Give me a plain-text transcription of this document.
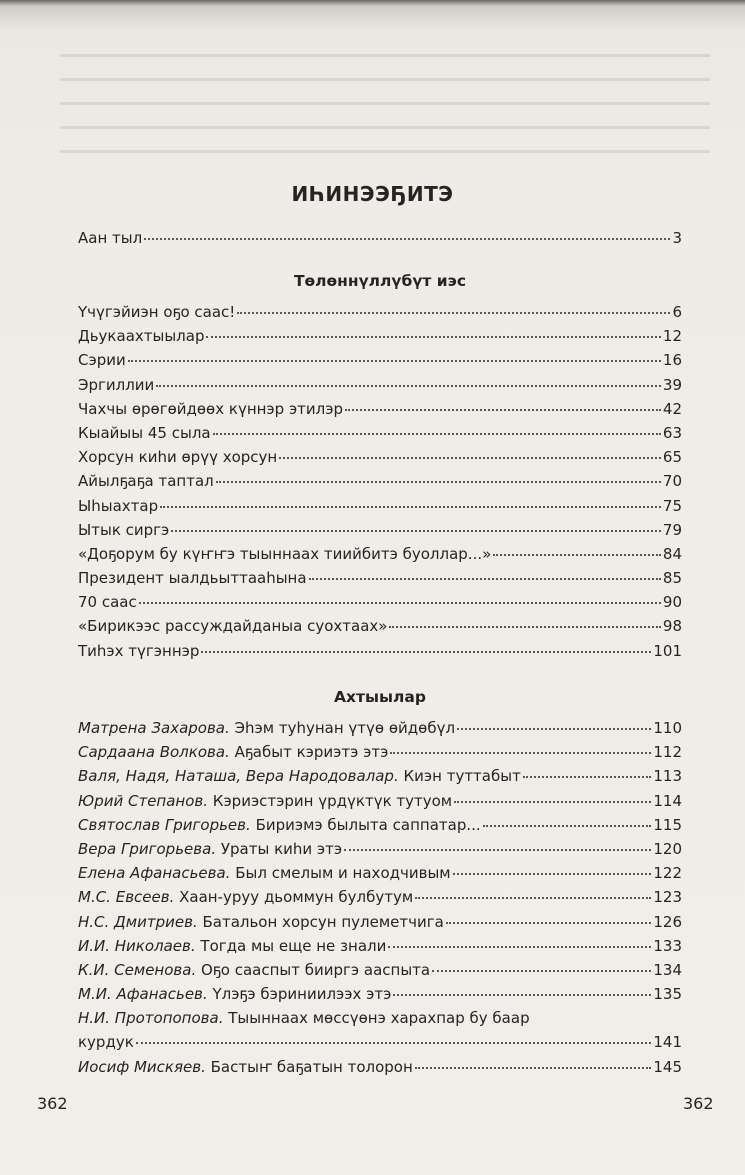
ИҺИНЭЭҔИТЭ
Аан тыл	3
Төлөннүллүбүт иэс
Үчүгэйиэн оҕо саас!	6
Дьукаахтыылар	12
Сэрии	16
Эргиллии	39
Чахчы өрөгөйдөөх күннэр этилэр	42
Кыайыы 45 сыла	63
Хорсун киһи өрүү хорсун	65
Айылҕаҕа таптал	70
Ыһыахтар	75
Ытык сиргэ	79
«Доҕорум бу күҥҥэ тыыннаах тиийбитэ буоллар...»	84
Президент ыалдьыттааһына	85
70 саас	90
«Бирикээс рассуждайданыа суохтаах»	98
Тиһэх түгэннэр	101
Ахтыылар
Матрена Захарова. Эһэм туһунан үтүө өйдөбүл	110
Сардаана Волкова. Аҕабыт кэриэтэ этэ	112
Валя, Надя, Наташа, Вера Народовалар. Киэн туттабыт	113
Юрий Степанов. Кэриэстэрин үрдүктүк тутуом	114
Святослав Григорьев. Бириэмэ былыта саппатар...	115
Вера Григорьева. Ураты киһи этэ	120
Елена Афанасьева. Был смелым и находчивым	122
М.С. Евсеев. Хаан-уруу дьоммун булбутум	123
Н.С. Дмитриев. Батальон хорсун пулеметчига	126
И.И. Николаев. Тогда мы еще не знали	133
К.И. Семенова. Оҕо сааспыт бииргэ ааспыта	134
М.И. Афанасьев. Үлэҕэ бэриниилээх этэ	135
Н.И. Протопопова. Тыыннаах мөссүөнэ харахпар бу баар
курдук	141
Иосиф Мискяев. Бастыҥ баҕатын толорон	145
362	362
